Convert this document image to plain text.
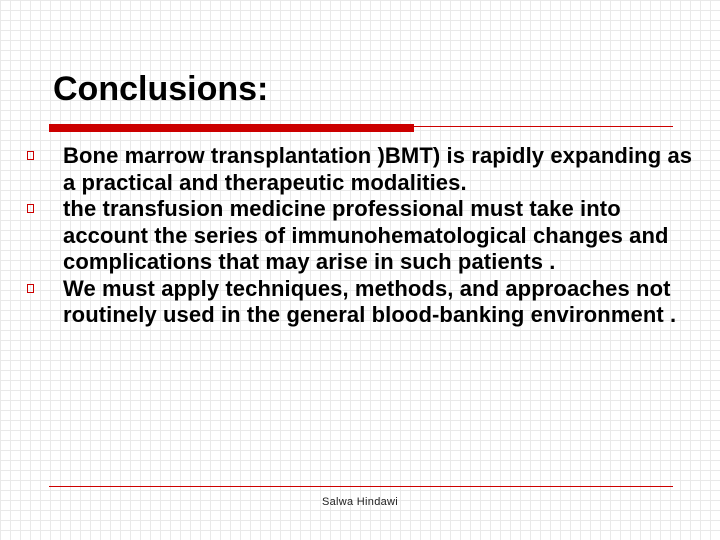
Conclusions:
Bone marrow transplantation )BMT) is rapidly expanding as a practical and therapeutic modalities.
the transfusion medicine professional must take into account the series of immunohematological changes and complications that may arise in such patients .
We must apply techniques, methods, and approaches not routinely used in the general blood-banking environment .
Salwa Hindawi
